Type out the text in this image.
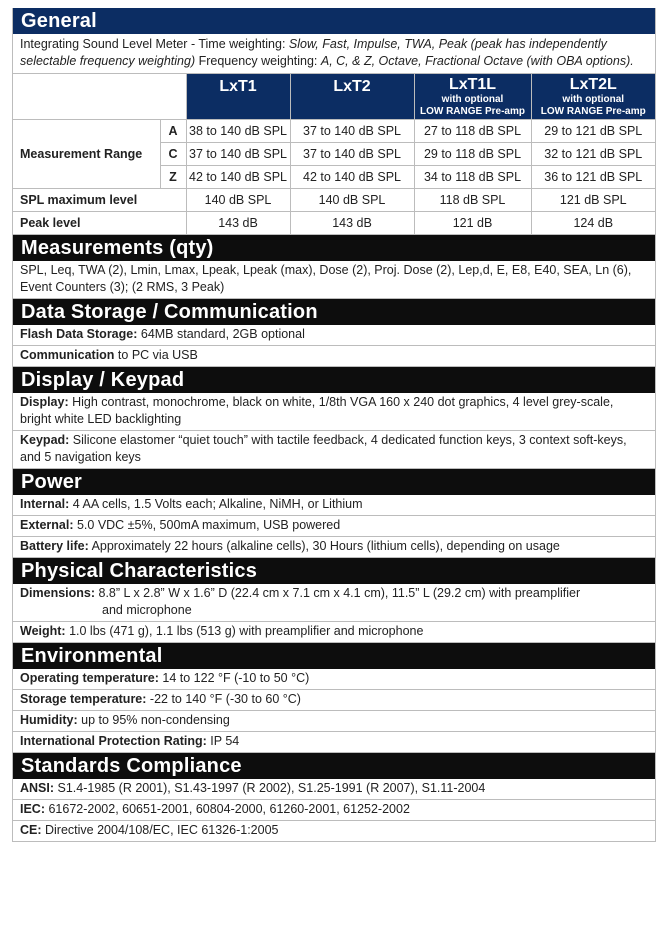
General
Integrating Sound Level Meter - Time weighting: Slow, Fast, Impulse, TWA, Peak (peak has independently selectable frequency weighting) Frequency weighting: A, C, & Z, Octave, Fractional Octave (with OBA options).
		LxT1	LxT2	LxT1L
with optional
LOW RANGE Pre-amp	LxT2L
with optional
LOW RANGE Pre-amp

Measurement Range	A	38 to 140 dB SPL	37 to 140 dB SPL	27 to 118 dB SPL	29 to 121 dB SPL
	C	37 to 140 dB SPL	37 to 140 dB SPL	29 to 118 dB SPL	32 to 121 dB SPL
	Z	42 to 140 dB SPL	42 to 140 dB SPL	34 to 118 dB SPL	36 to 121 dB SPL
SPL maximum level		140 dB SPL	140 dB SPL	118 dB SPL	121 dB SPL
Peak level		143 dB	143 dB	121 dB	124 dB
Measurements (qty)
SPL, Leq, TWA (2), Lmin, Lmax, Lpeak, Lpeak (max), Dose (2), Proj. Dose (2), Lep,d, E, E8, E40, SEA, Ln (6), Event Counters (3); (2 RMS, 3 Peak)
Data Storage / Communication
Flash Data Storage: 64MB standard, 2GB optional
Communication to PC via USB
Display / Keypad
Display: High contrast, monochrome, black on white, 1/8th VGA 160 x 240 dot graphics, 4 level grey-scale, bright white LED backlighting
Keypad: Silicone elastomer “quiet touch” with tactile feedback, 4 dedicated function keys, 3 context soft-keys, and 5 navigation keys
Power
Internal: 4 AA cells, 1.5 Volts each; Alkaline, NiMH, or Lithium
External: 5.0 VDC ±5%, 500mA maximum, USB powered
Battery life: Approximately 22 hours (alkaline cells), 30 Hours (lithium cells), depending on usage
Physical Characteristics
Dimensions: 8.8” L x 2.8” W x 1.6” D (22.4 cm x 7.1 cm x 4.1 cm), 11.5” L (29.2 cm) with preamplifier
and microphone
Weight: 1.0 lbs (471 g), 1.1 lbs (513 g) with preamplifier and microphone
Environmental
Operating temperature: 14 to 122 °F (-10 to 50 °C)
Storage temperature: -22 to 140 °F (-30 to 60 °C)
Humidity: up to 95% non-condensing
International Protection Rating: IP 54
Standards Compliance
ANSI: S1.4-1985 (R 2001), S1.43-1997 (R 2002), S1.25-1991 (R 2007), S1.11-2004
IEC: 61672-2002, 60651-2001, 60804-2000, 61260-2001, 61252-2002
CE: Directive 2004/108/EC, IEC 61326-1:2005
